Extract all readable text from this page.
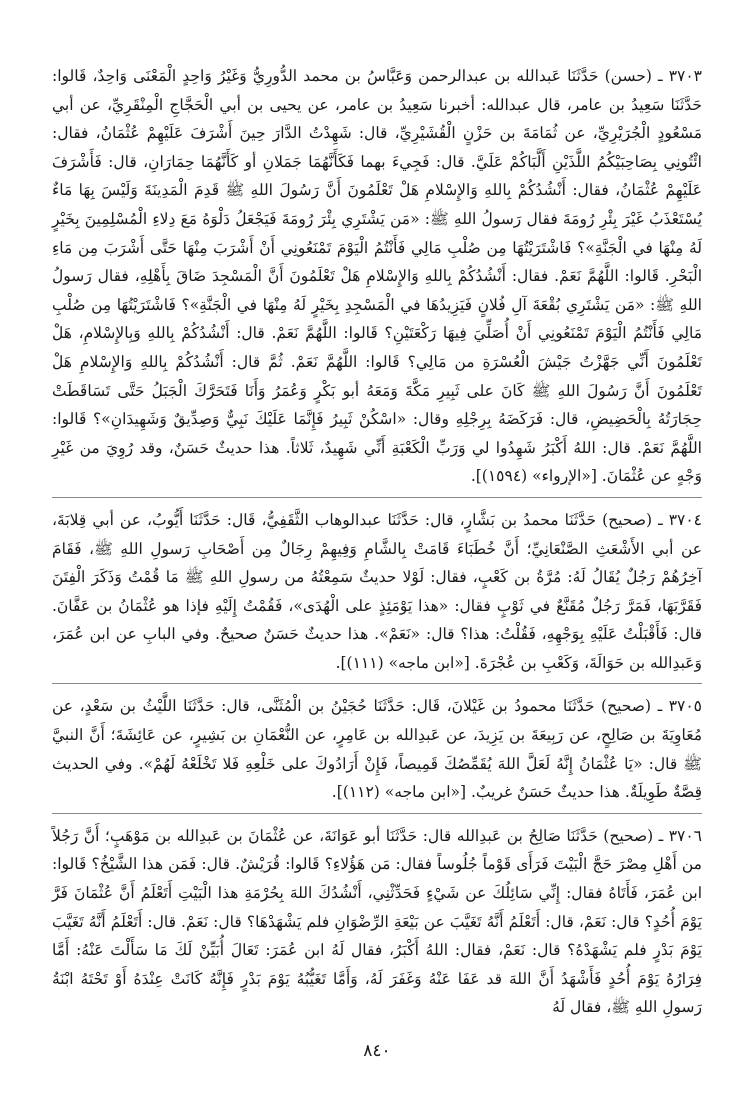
٣٧٠٣ ـ (حسن) حَدَّثَنَا عَبدالله بن عبدالرحمن وَعَبَّاسُ بن محمد الدُّورِيُّ وَغَيْرُ وَاحِدٍ الْمَعْنَى وَاحِدٌ، قَالوا: حَدَّثَنَا سَعِيدُ بن عامر، قال عبدالله: أخبرنا سَعِيدُ بن عامر، عن يحيى بن أبي الْحَجَّاجِ الْمِنْقَرِيِّ، عن أبي مَسْعُودٍ الْجُرَيْرِيِّ، عن ثُمَامَةَ بن حَزْنٍ الْقُشَيْرِيِّ، قال: شَهِدْتُ الدَّارَ حِينَ أَشْرَفَ عَلَيْهِمْ عُثْمَانُ، فقال: ائْتُونِي بِصَاحِبَيْكُمُ اللَّذَيْنِ أَلَّبَاكُمْ عَلَيَّ. قال: فَجِيءَ بهما فَكَأَنَّهُمَا جَمَلانِ أو كَأَنَّهُمَا حِمَارَانِ، قال: فَأَشْرَفَ عَلَيْهِمْ عُثْمَانُ، فقال: أَنْشُدُكُمْ بِاللهِ وَالإِسْلامِ هَلْ تَعْلَمُونَ أَنَّ رَسُولَ اللهِ ﷺ قَدِمَ الْمَدِينَةَ وَلَيْسَ بِهَا مَاءٌ يُسْتَعْذَبُ غَيْرَ بِئْرِ رُومَةَ فقال رَسولُ اللهِ ﷺ: «مَن يَشْتَرِي بِئْرَ رُومَةَ فَيَجْعَلُ دَلْوَهُ مَعَ دِلاءِ الْمُسْلِمِينَ بِخَيْرٍ لَهُ مِنْهَا في الْجَنَّةِ»؟ فَاشْتَرَيْتُهَا مِن صُلْبِ مَالِي فَأَنْتُمُ الْيَوْمَ تَمْنَعُونِي أَنْ أَشْرَبَ مِنْهَا حَتَّى أَشْرَبَ مِن مَاءِ الْبَحْرِ. قَالوا: اللَّهُمَّ نَعَمْ. فقال: أَنْشُدُكُمْ بِاللهِ وَالإِسْلامِ هَلْ تَعْلَمُونَ أَنَّ الْمَسْجِدَ ضَاقَ بِأَهْلِهِ، فقال رَسولُ اللهِ ﷺ: «مَن يَشْتَرِي بُقْعَةَ آلِ فُلانٍ فَيَزِيدُهَا في الْمَسْجِدِ بِخَيْرٍ لَهُ مِنْهَا في الْجَنَّةِ»؟ فَاشْتَرَيْتُهَا مِن صُلْبِ مَالِي فَأَنْتُمُ الْيَوْمَ تَمْنَعُونِي أَنْ أُصَلِّيَ فِيهَا رَكْعَتَيْنِ؟ قَالوا: اللَّهُمَّ نَعَمْ. قال: أَنْشُدُكُمْ بِاللهِ وَبِالإِسْلامِ، هَلْ تَعْلَمُونَ أَنِّي جَهَّزْتُ جَيْشَ الْعُسْرَةِ من مَالِي؟ قَالوا: اللَّهُمَّ نَعَمْ. ثُمَّ قال: أَنْشُدُكُمْ بِاللهِ وَالإِسْلامِ هَلْ تَعْلَمُونَ أَنَّ رَسُولَ اللهِ ﷺ كَانَ على ثَبِيرِ مَكَّةَ وَمَعَهُ أبو بَكْرٍ وَعُمَرُ وَأَنَا فَتَحَرَّكَ الْجَبَلُ حَتَّى تَسَاقَطَتْ حِجَارَتُهُ بِالْحَضِيضِ، قال: فَرَكَضَهُ بِرِجْلِهِ وقال: «اسْكُنْ ثَبِيرُ فَإِنَّمَا عَلَيْكَ نَبِيٌّ وَصِدِّيقٌ وَشَهِيدَانِ»؟ قَالوا: اللَّهُمَّ نَعَمْ. قال: اللهُ أَكْبَرُ شَهِدُوا لي وَرَبِّ الْكَعْبَةِ أَنِّي شَهِيدٌ، ثَلاثاً. هذا حديثٌ حَسَنٌ، وقد رُوِيَ من غَيْرِ وَجْهٍ عن عُثْمَانَ. [«الإرواء» (١٥٩٤)].

٣٧٠٤ ـ (صحيح) حَدَّثَنَا محمدُ بن بَشَّارٍ، قال: حَدَّثَنَا عبدالوهاب الثَّقَفِيُّ، قَال: حَدَّثَنَا أَيُّوبُ، عن أبي قِلابَةَ، عن أبي الأَشْعَثِ الصَّنْعَانِيِّ؛ أَنَّ خُطَبَاءَ قَامَتْ بِالشَّامِ وَفِيهِمْ رِجَالٌ مِن أَصْحَابِ رَسولِ اللهِ ﷺ، فَقَامَ آخِرُهُمْ رَجُلٌ يُقَالُ لَهُ: مُرَّةُ بن كَعْبٍ، فقال: لَوْلا حديثٌ سَمِعْتُهُ من رسولِ اللهِ ﷺ مَا قُمْتُ وَذَكَرَ الْفِتَنَ فَقَرَّبَهَا، فَمَرَّ رَجُلٌ مُقَنَّعٌ في ثَوْبٍ فقال: «هذا يَوْمَئِذٍ على الْهُدَى»، فَقُمْتُ إِلَيْهِ فإذا هو عُثْمَانُ بن عَفَّانَ. قال: فَأَقْبَلْتُ عَلَيْهِ بِوَجْهِهِ، فَقُلْتُ: هذا؟ قال: «نَعَمْ». هذا حديثٌ حَسَنٌ صحيحٌ. وفي البابِ عن ابن عُمَرَ، وَعَبدِالله بن حَوَالَةَ، وَكَعْبِ بن عُجْرَةَ. [«ابن ماجه» (١١١)].

٣٧٠٥ ـ (صحيح) حَدَّثَنَا محمودُ بن غَيْلانَ، قَال: حَدَّثَنَا حُجَيْنُ بن الْمُثَنَّى، قال: حَدَّثَنَا اللَّيْثُ بن سَعْدٍ، عن مُعَاوِيَةَ بن صَالِحٍ، عن رَبِيعَةَ بن يَزِيدَ، عن عَبدِالله بن عَامِرٍ، عن النُّعْمَانِ بن بَشِيرٍ، عن عَائِشَةَ؛ أَنَّ النبيَّ ﷺ قال: «يَا عُثْمَانُ إِنَّهُ لَعَلَّ اللهَ يُقَمِّصُكَ قَمِيصاً، فَإِنْ أَرَادُوكَ على خَلْعِهِ فَلا تَخْلَعْهُ لَهُمْ». وفي الحديث قِصَّةٌ طَوِيلَةٌ. هذا حديثٌ حَسَنٌ غريبٌ. [«ابن ماجه» (١١٢)].

٣٧٠٦ ـ (صحيح) حَدَّثَنَا صَالِحُ بن عَبدِالله قال: حَدَّثَنَا أبو عَوَانَةَ، عن عُثْمَانَ بن عَبدِالله بن مَوْهَبٍ؛ أَنَّ رَجُلاً من أَهْلِ مِصْرَ حَجَّ الْبَيْتَ فَرَأَى قَوْماً جُلُوساً فقال: مَن هَؤُلاءِ؟ قَالوا: قُرَيْشٌ. قال: فَمَن هذا الشَّيْخُ؟ قَالوا: ابن عُمَرَ، فَأَتَاهُ فقال: إِنِّي سَائِلُكَ عن شَيْءٍ فَحَدِّثْنِي، أَنْشُدُكَ اللهَ بِحُرْمَةِ هذا الْبَيْتِ أَتَعْلَمُ أَنَّ عُثْمَانَ فَرَّ يَوْمَ أُحُدٍ؟ قال: نَعَمْ، قال: أَتَعْلَمُ أَنَّهُ تَغَيَّبَ عن بَيْعَةِ الرِّضْوَانِ فلم يَشْهَدْهَا؟ قال: نَعَمْ. قال: أَتَعْلَمُ أَنَّهُ تَغَيَّبَ يَوْمَ بَدْرٍ فلم يَشْهَدْهُ؟ قال: نَعَمْ، فقال: اللهُ أَكْبَرُ، فقال لَهُ ابن عُمَرَ: تَعَالَ أُبَيِّنْ لَكَ مَا سَأَلْتَ عَنْهُ: أَمَّا فِرَارُهُ يَوْمَ أُحُدٍ فَأَشْهَدُ أَنَّ اللهَ قد عَفَا عَنْهُ وَغَفَرَ لَهُ، وَأَمَّا تَغَيُّبُهُ يَوْمَ بَدْرٍ فَإِنَّهُ كَانَتْ عِنْدَهُ أَوْ تَحْتَهُ ابْنَةُ رَسولِ اللهِ ﷺ، فقال لَهُ

٨٤٠
